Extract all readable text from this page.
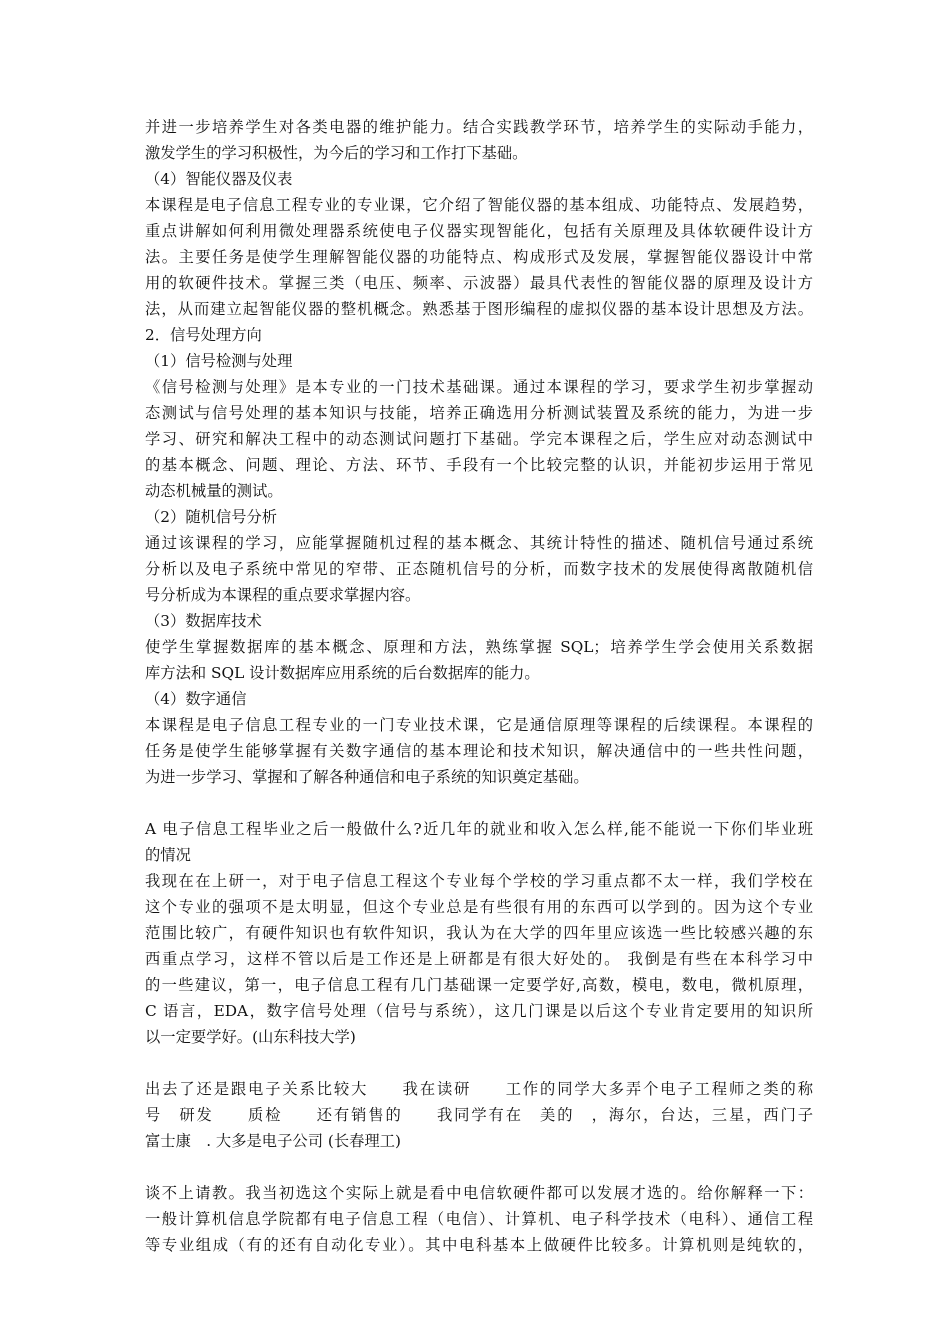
并进一步培养学生对各类电器的维护能力。结合实践教学环节，培养学生的实际动手能力，
激发学生的学习积极性，为今后的学习和工作打下基础。
（4）智能仪器及仪表
本课程是电子信息工程专业的专业课，它介绍了智能仪器的基本组成、功能特点、发展趋势，
重点讲解如何利用微处理器系统使电子仪器实现智能化，包括有关原理及具体软硬件设计方
法。主要任务是使学生理解智能仪器的功能特点、构成形式及发展，掌握智能仪器设计中常
用的软硬件技术。掌握三类（电压、频率、示波器）最具代表性的智能仪器的原理及设计方
法，从而建立起智能仪器的整机概念。熟悉基于图形编程的虚拟仪器的基本设计思想及方法。
2．信号处理方向
（1）信号检测与处理
《信号检测与处理》是本专业的一门技术基础课。通过本课程的学习，要求学生初步掌握动
态测试与信号处理的基本知识与技能，培养正确选用分析测试装置及系统的能力，为进一步
学习、研究和解决工程中的动态测试问题打下基础。学完本课程之后，学生应对动态测试中
的基本概念、问题、理论、方法、环节、手段有一个比较完整的认识，并能初步运用于常见
动态机械量的测试。
（2）随机信号分析
通过该课程的学习，应能掌握随机过程的基本概念、其统计特性的描述、随机信号通过系统
分析以及电子系统中常见的窄带、正态随机信号的分析，而数字技术的发展使得离散随机信
号分析成为本课程的重点要求掌握内容。
（3）数据库技术
使学生掌握数据库的基本概念、原理和方法，熟练掌握 SQL；培养学生学会使用关系数据
库方法和 SQL 设计数据库应用系统的后台数据库的能力。
（4）数字通信
本课程是电子信息工程专业的一门专业技术课，它是通信原理等课程的后续课程。本课程的
任务是使学生能够掌握有关数字通信的基本理论和技术知识，解决通信中的一些共性问题，
为进一步学习、掌握和了解各种通信和电子系统的知识奠定基础。
A 电子信息工程毕业之后一般做什么?近几年的就业和收入怎么样,能不能说一下你们毕业班
的情况
我现在在上研一，对于电子信息工程这个专业每个学校的学习重点都不太一样，我们学校在
这个专业的强项不是太明显，但这个专业总是有些很有用的东西可以学到的。因为这个专业
范围比较广，有硬件知识也有软件知识，我认为在大学的四年里应该选一些比较感兴趣的东
西重点学习，这样不管以后是工作还是上研都是有很大好处的。 我倒是有些在本科学习中
的一些建议，第一，电子信息工程有几门基础课一定要学好,高数，模电，数电，微机原理，
C 语言，EDA，数字信号处理（信号与系统），这几门课是以后这个专业肯定要用的知识所
以一定要学好。(山东科技大学)
出去了还是跟电子关系比较大　　我在读研　　工作的同学大多弄个电子工程师之类的称
号　研发　　质检　　还有销售的　　我同学有在　美的　，海尔，台达，三星，西门子
富士康　. 大多是电子公司 (长春理工)
谈不上请教。我当初选这个实际上就是看中电信软硬件都可以发展才选的。给你解释一下：
一般计算机信息学院都有电子信息工程（电信）、计算机、电子科学技术（电科）、通信工程
等专业组成（有的还有自动化专业）。其中电科基本上做硬件比较多。计算机则是纯软的，
